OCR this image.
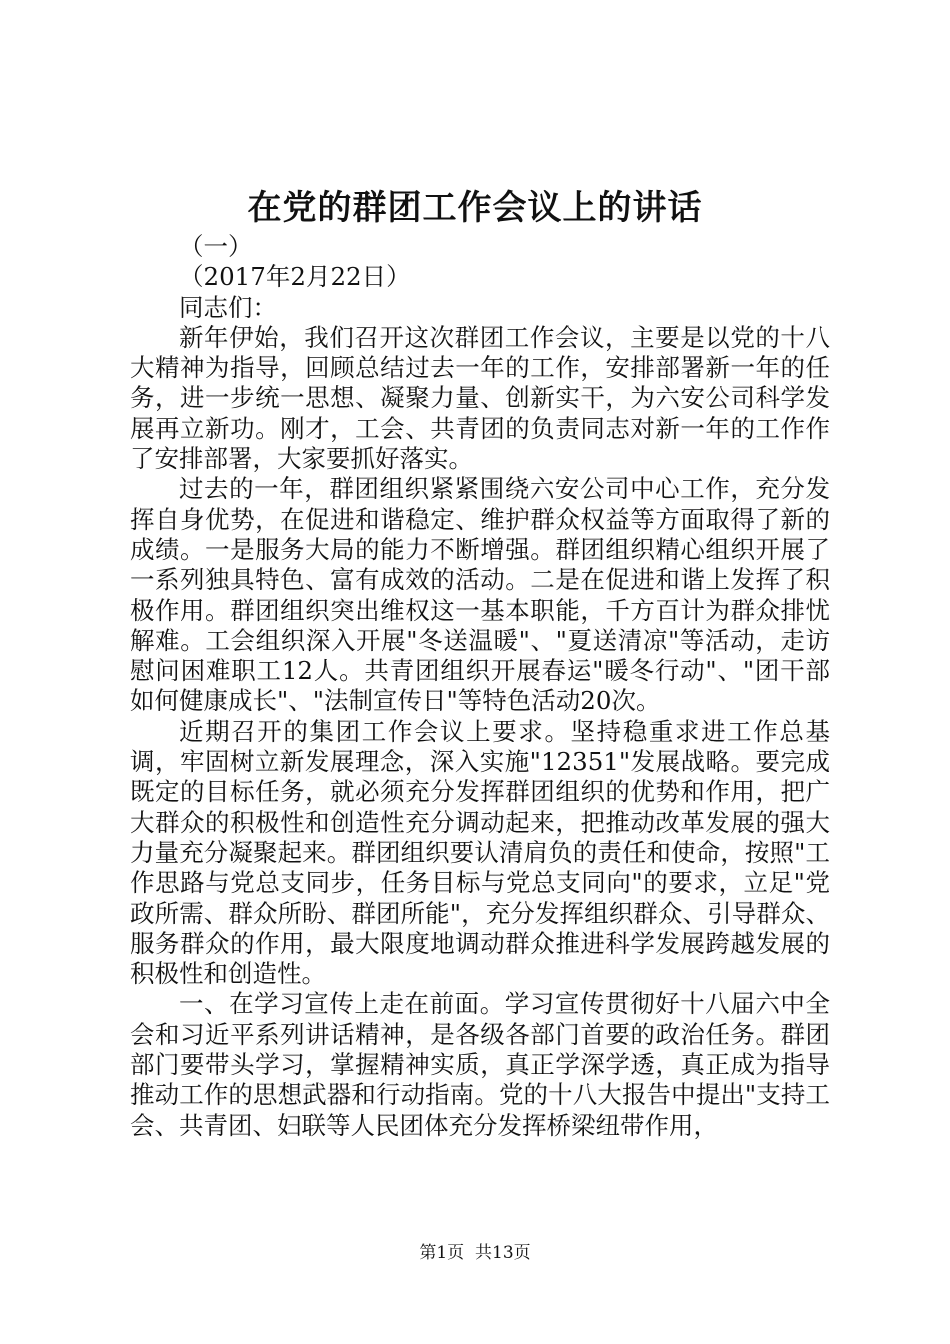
在党的群团工作会议上的讲话
（一）
（2017年2月22日）
同志们：

新年伊始，我们召开这次群团工作会议，主要是以党的十八大精神为指导，回顾总结过去一年的工作，安排部署新一年的任务，进一步统一思想、凝聚力量、创新实干，为六安公司科学发展再立新功。刚才，工会、共青团的负责同志对新一年的工作作了安排部署，大家要抓好落实。

过去的一年，群团组织紧紧围绕六安公司中心工作，充分发挥自身优势，在促进和谐稳定、维护群众权益等方面取得了新的成绩。一是服务大局的能力不断增强。群团组织精心组织开展了一系列独具特色、富有成效的活动。二是在促进和谐上发挥了积极作用。群团组织突出维权这一基本职能，千方百计为群众排忧解难。工会组织深入开展"冬送温暖"、"夏送清凉"等活动，走访慰问困难职工12人。共青团组织开展春运"暖冬行动"、"团干部如何健康成长"、"法制宣传日"等特色活动20次。

近期召开的集团工作会议上要求。坚持稳重求进工作总基调，牢固树立新发展理念，深入实施"12351"发展战略。要完成既定的目标任务，就必须充分发挥群团组织的优势和作用，把广大群众的积极性和创造性充分调动起来，把推动改革发展的强大力量充分凝聚起来。群团组织要认清肩负的责任和使命，按照"工作思路与党总支同步，任务目标与党总支同向"的要求，立足"党政所需、群众所盼、群团所能"，充分发挥组织群众、引导群众、服务群众的作用，最大限度地调动群众推进科学发展跨越发展的积极性和创造性。

一、在学习宣传上走在前面。学习宣传贯彻好十八届六中全会和习近平系列讲话精神，是各级各部门首要的政治任务。群团部门要带头学习，掌握精神实质，真正学深学透，真正成为指导推动工作的思想武器和行动指南。党的十八大报告中提出"支持工会、共青团、妇联等人民团体充分发挥桥梁纽带作用，

第1页 共13页
